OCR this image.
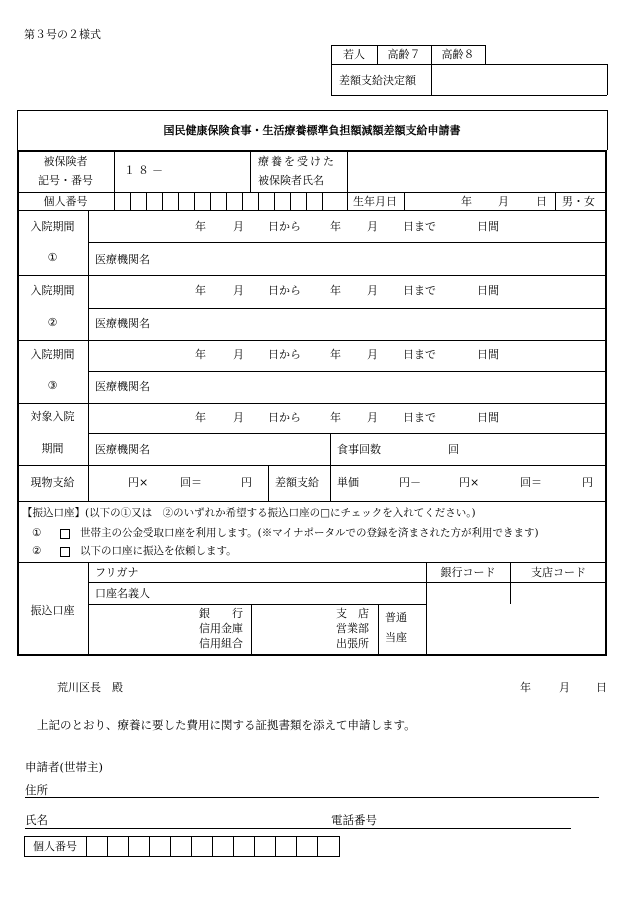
第３号の２様式
若人	高齢７	高齢８
差額支給決定額
国民健康保険食事・生活療養標準負担額減額差額支給申請書
被保険者
記号・番号
１８－
療養を受けた
被保険者氏名
個人番号	生年月日	年 月 日 男・女
入院期間
①
年 月 日から	年 月 日まで	日間
医療機関名
入院期間
②
年 月 日から	年 月 日まで	日間
医療機関名
入院期間
③
年 月 日から	年 月 日まで	日間
医療機関名
対象入院
期間
年 月 日から	年 月 日まで	日間
医療機関名	食事回数	回
現物支給	円×	回＝	円 差額支給 単価	円－	円×	回＝	円
【振込口座】(以下の①又は　②のいずれか希望する振込口座の□にチェックを入れてください。)
①	世帯主の公金受取口座を利用します。(※マイナポータルでの登録を済まされた方が利用できます)
②	以下の口座に振込を依頼します。
振込口座
フリガナ	銀行コード	支店コード
口座名義人
銀　　行
信用金庫
信用組合
支　店
営業部
出張所
普通
当座
荒川区長　殿	年	月 日
上記のとおり、療養に要した費用に関する証拠書類を添えて申請します。
申請者(世帯主)
住所
氏名	電話番号
個人番号
